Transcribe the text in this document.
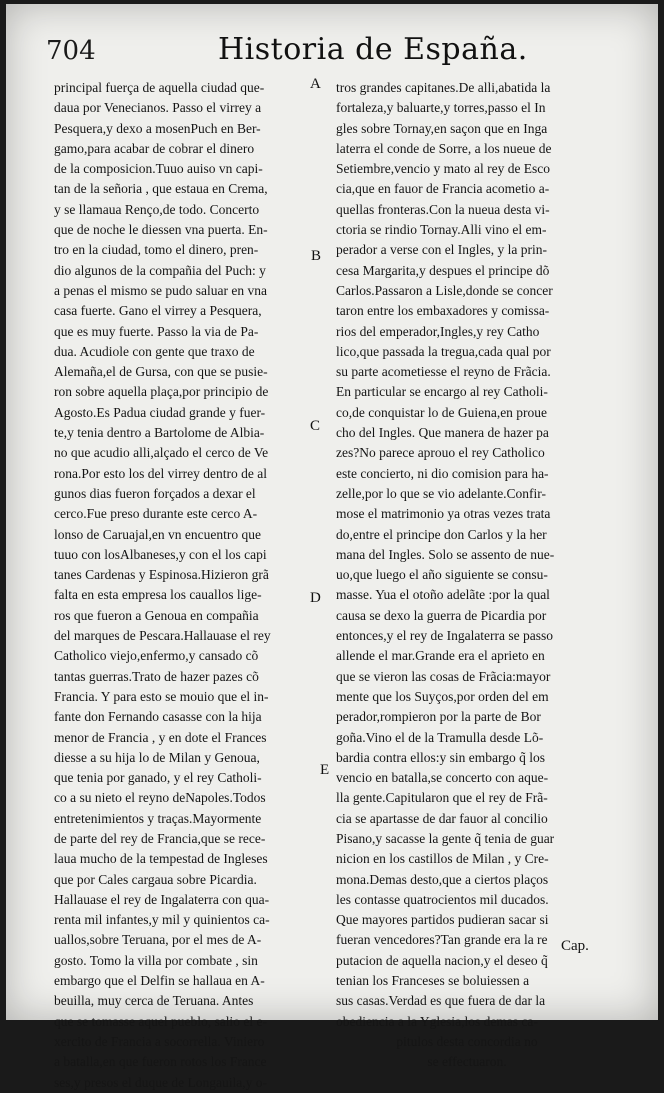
704	Historia de España.
A
B
C
D
E
principal fuerça de aquella ciudad que-
daua por Venecianos. Passo el virrey a
Pesquera,y dexo a mosenPuch en Ber-
gamo,para acabar de cobrar el dinero
de la composicion.Tuuo auiso vn capi-
tan de la señoria , que estaua en Crema,
y se llamaua Renço,de todo. Concerto
que de noche le diessen vna puerta. En-
tro en la ciudad, tomo el dinero, pren-
dio algunos de la compañia del Puch: y
a penas el mismo se pudo saluar en vna
casa fuerte. Gano el virrey a Pesquera,
que es muy fuerte. Passo la via de Pa-
dua. Acudiole con gente que traxo de
Alemaña,el de Gursa, con que se pusie-
ron sobre aquella plaça,por principio de
Agosto.Es Padua ciudad grande y fuer-
te,y tenia dentro a Bartolome de Albia-
no que acudio alli,alçado el cerco de Ve
rona.Por esto los del virrey dentro de al
gunos dias fueron forçados a dexar el
cerco.Fue preso durante este cerco A-
lonso de Caruajal,en vn encuentro que
tuuo con losAlbaneses,y con el los capi
tanes Cardenas y Espinosa.Hizieron grã
falta en esta empresa los cauallos lige-
ros que fueron a Genoua en compañia
del marques de Pescara.Hallauase el rey
Catholico viejo,enfermo,y cansado cõ
tantas guerras.Trato de hazer pazes cõ
Francia. Y para esto se mouio que el in-
fante don Fernando casasse con la hija
menor de Francia , y en dote el Frances
diesse a su hija lo de Milan y Genoua,
que tenia por ganado, y el rey Catholi-
co a su nieto el reyno deNapoles.Todos
entretenimientos y traças.Mayormente
de parte del rey de Francia,que se rece-
laua mucho de la tempestad de Ingleses
que por Cales cargaua sobre Picardia.
Hallauase el rey de Ingalaterra con qua-
renta mil infantes,y mil y quinientos ca-
uallos,sobre Teruana, por el mes de A-
gosto. Tomo la villa por combate , sin
embargo que el Delfin se hallaua en A-
beuilla, muy cerca de Teruana. Antes
que se tomasse aquel pueblo, salio el e-
xercito de Francia a socorrella. Viniero
a batalla,en que fueron rotos los France
ses,y presos el duque de Longauila,y o-
tros grandes capitanes.De alli,abatida la
fortaleza,y baluarte,y torres,passo el In
gles sobre Tornay,en saçon que en Inga
laterra el conde de Sorre, a los nueue de
Setiembre,vencio y mato al rey de Esco
cia,que en fauor de Francia acometio a-
quellas fronteras.Con la nueua desta vi-
ctoria se rindio Tornay.Alli vino el em-
perador a verse con el Ingles, y la prin-
cesa Margarita,y despues el principe dõ
Carlos.Passaron a Lisle,donde se concer
taron entre los embaxadores y comissa-
rios del emperador,Ingles,y rey Catho
lico,que passada la tregua,cada qual por
su parte acometiesse el reyno de Frãcia.
En particular se encargo al rey Catholi-
co,de conquistar lo de Guiena,en proue
cho del Ingles. Que manera de hazer pa
zes?No parece aprouo el rey Catholico
este concierto, ni dio comision para ha-
zelle,por lo que se vio adelante.Confir-
mose el matrimonio ya otras vezes trata
do,entre el principe don Carlos y la her
mana del Ingles. Solo se assento de nue-
uo,que luego el año siguiente se consu-
masse. Yua el otoño adelãte :por la qual
causa se dexo la guerra de Picardia por
entonces,y el rey de Ingalaterra se passo
allende el mar.Grande era el aprieto en
que se vieron las cosas de Frãcia:mayor
mente que los Suyços,por orden del em
perador,rompieron por la parte de Bor
goña.Vino el de la Tramulla desde Lõ-
bardia contra ellos:y sin embargo q̃ los
vencio en batalla,se concerto con aque-
lla gente.Capitularon que el rey de Frã-
cia se apartasse de dar fauor al concilio
Pisano,y sacasse la gente q̃ tenia de guar
nicion en los castillos de Milan , y Cre-
mona.Demas desto,que a ciertos plaços
les contasse quatrocientos mil ducados.
Que mayores partidos pudieran sacar si
fueran vencedores?Tan grande era la re
putacion de aquella nacion,y el deseo q̃
tenian los Franceses se boluiessen a
sus casas.Verdad es que fuera de dar la
obediencia a la Yglesia,los demas ca-
pitulos desta concordia no
se effectuaron.
Cap.
